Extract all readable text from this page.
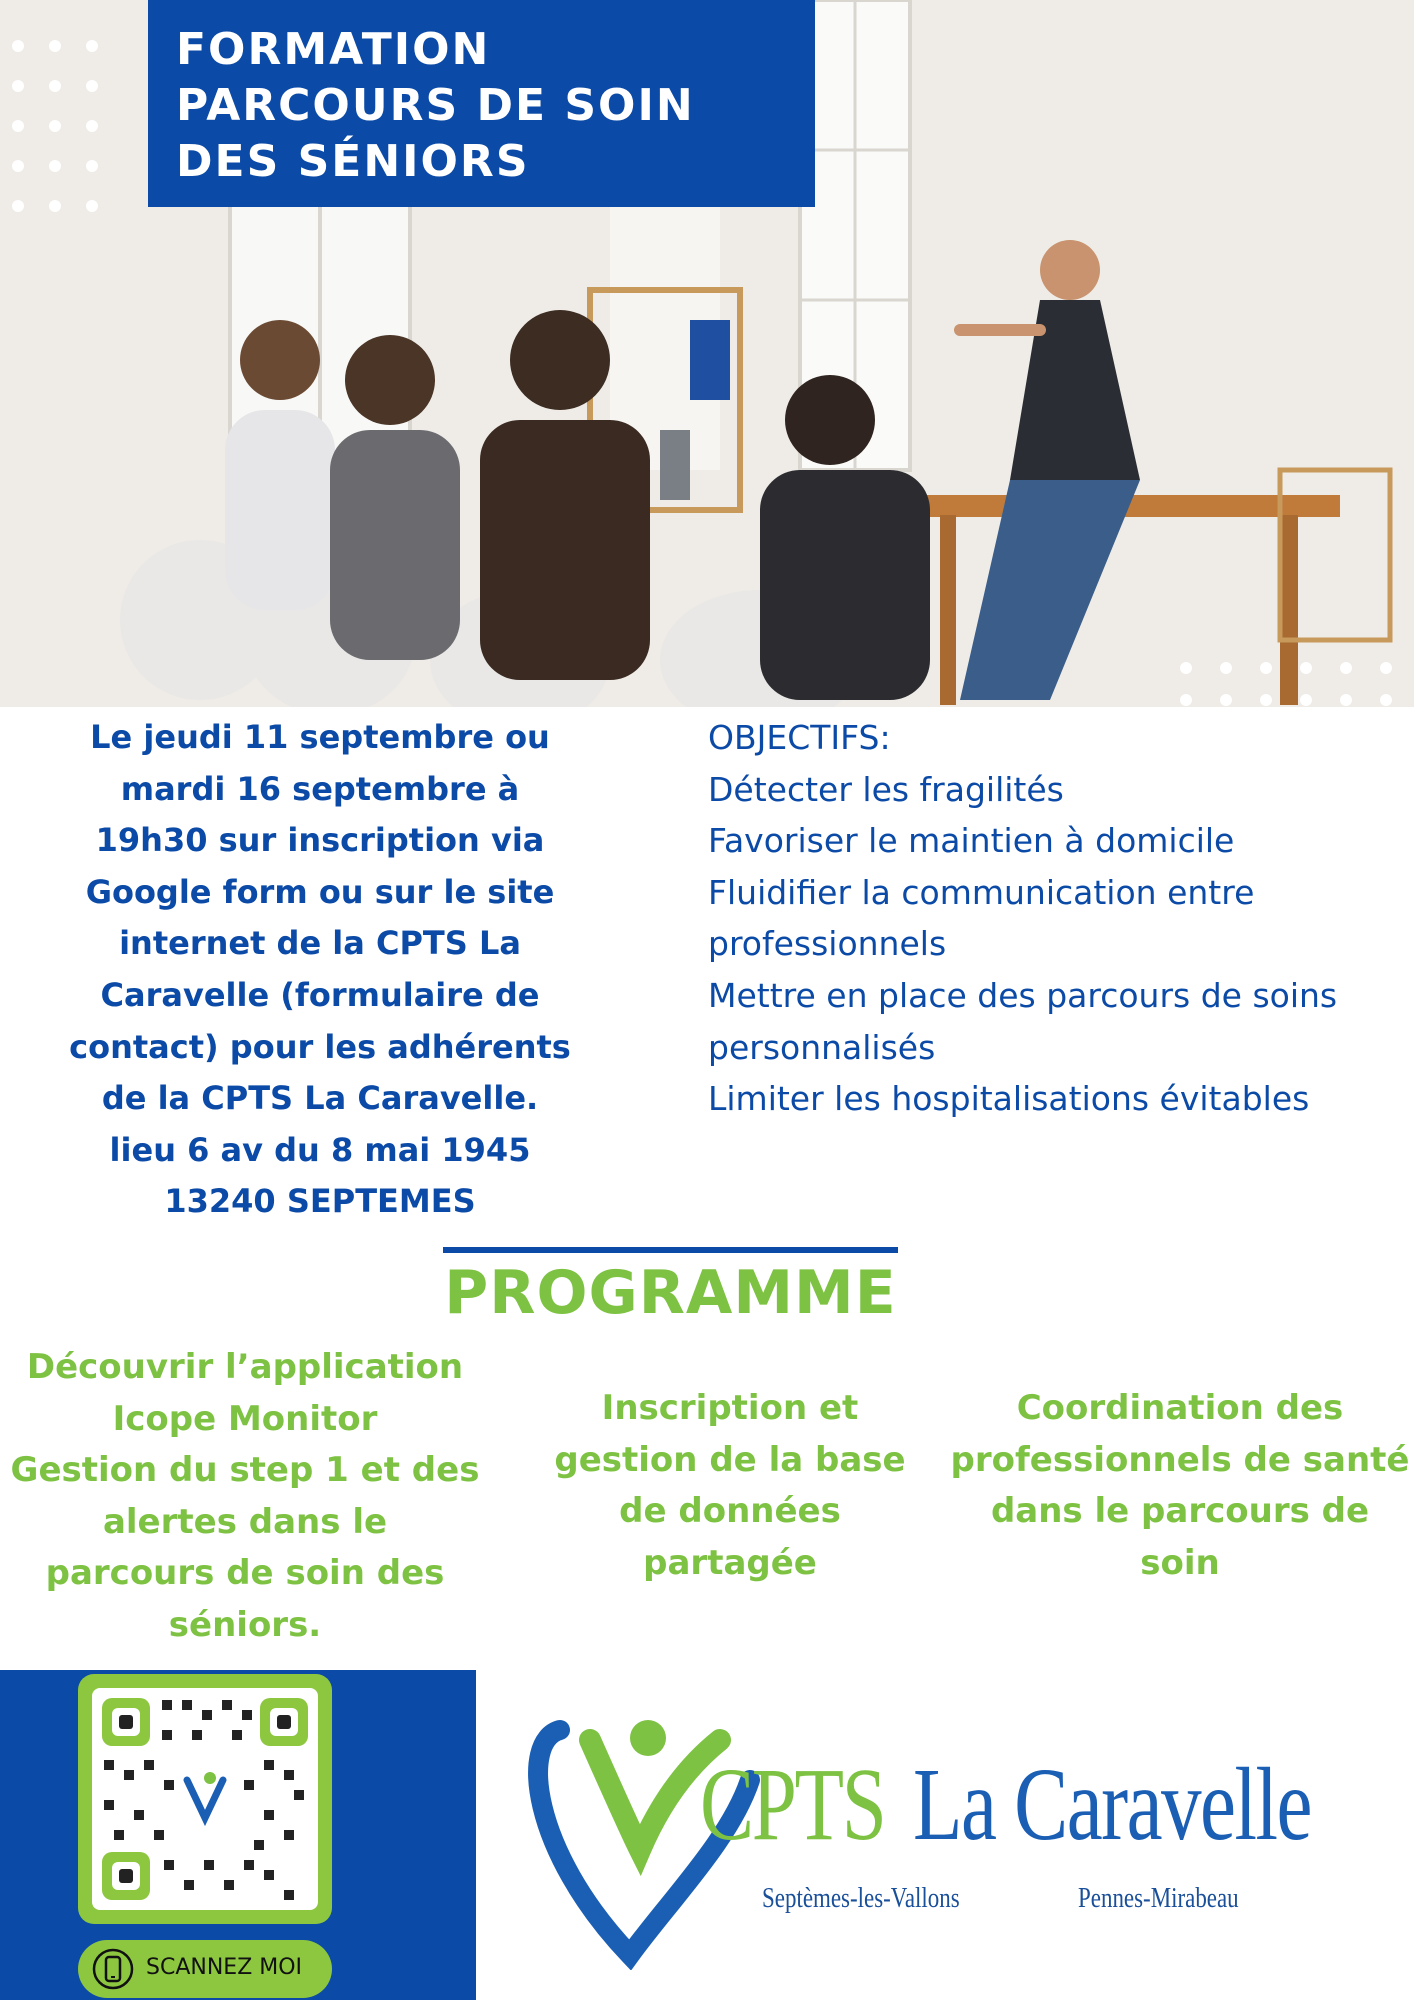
FORMATION
PARCOURS DE SOIN
DES SÉNIORS
Le jeudi 11 septembre ou
mardi 16 septembre à
19h30 sur inscription via
Google form ou sur le site
internet de la CPTS La
Caravelle (formulaire de
contact) pour les adhérents
de la CPTS La Caravelle.
lieu 6 av du 8 mai 1945
13240 SEPTEMES
OBJECTIFS:
Détecter les fragilités
Favoriser le maintien à domicile
Fluidifier la communication entre
professionnels
Mettre en place des parcours de soins
personnalisés
Limiter les hospitalisations évitables
PROGRAMME
Découvrir l’application
Icope Monitor
Gestion du step 1 et des
alertes dans le
parcours de soin des
séniors.
Inscription et
gestion de la base
de données
partagée
Coordination des
professionnels de santé
dans le parcours de
soin
SCANNEZ MOI
CPTS La Caravelle
Septèmes-les-Vallons	Pennes-Mirabeau
